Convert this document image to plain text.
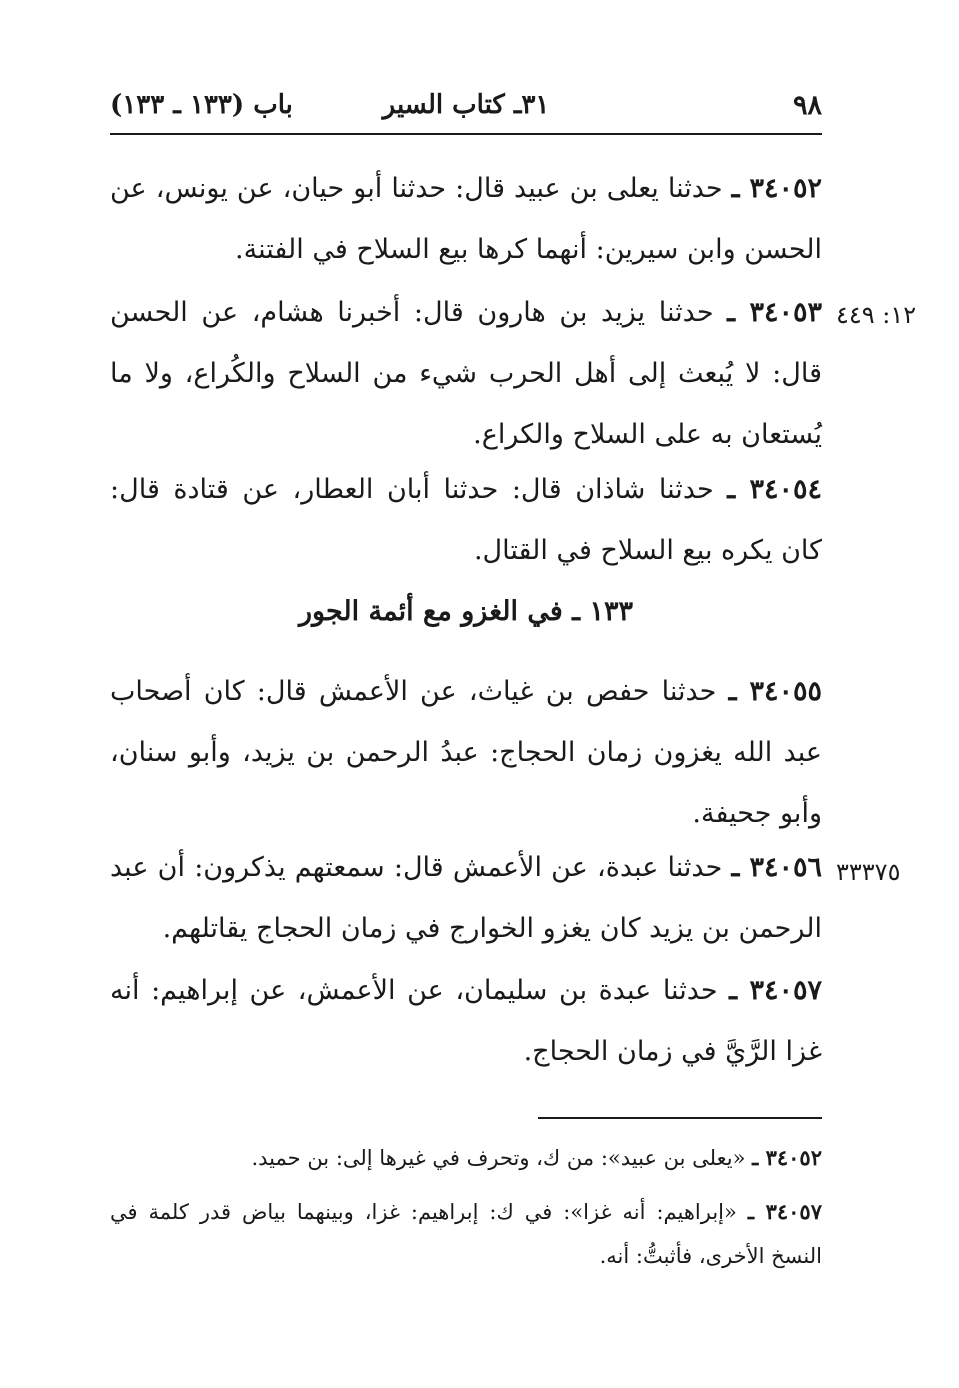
٩٨
٣١ـ كتاب السير
باب (١٣٣ ـ ١٣٣)
٣٤٠٥٢ ـ حدثنا يعلى بن عبيد قال: حدثنا أبو حيان، عن يونس، عن الحسن وابن سيرين: أنهما كرها بيع السلاح في الفتنة.
١٢: ٤٤٩
٣٤٠٥٣ ـ حدثنا يزيد بن هارون قال: أخبرنا هشام، عن الحسن قال: لا يُبعث إلى أهل الحرب شيء من السلاح والكُراع، ولا ما يُستعان به على السلاح والكراع.
٣٤٠٥٤ ـ حدثنا شاذان قال: حدثنا أبان العطار، عن قتادة قال: كان يكره بيع السلاح في القتال.
١٣٣ ـ في الغزو مع أئمة الجور
٣٤٠٥٥ ـ حدثنا حفص بن غياث، عن الأعمش قال: كان أصحاب عبد الله يغزون زمان الحجاج: عبدُ الرحمن بن يزيد، وأبو سنان، وأبو جحيفة.
٣٣٣٧٥
٣٤٠٥٦ ـ حدثنا عبدة، عن الأعمش قال: سمعتهم يذكرون: أن عبد الرحمن بن يزيد كان يغزو الخوارج في زمان الحجاج يقاتلهم.
٣٤٠٥٧ ـ حدثنا عبدة بن سليمان، عن الأعمش، عن إبراهيم: أنه غزا الرَّيَّ في زمان الحجاج.
٣٤٠٥٢ ـ «يعلى بن عبيد»: من ك، وتحرف في غيرها إلى: بن حميد.
٣٤٠٥٧ ـ «إبراهيم: أنه غزا»: في ك: إبراهيم: غزا، وبينهما بياض قدر كلمة في النسخ الأخرى، فأثبتُّ: أنه.
